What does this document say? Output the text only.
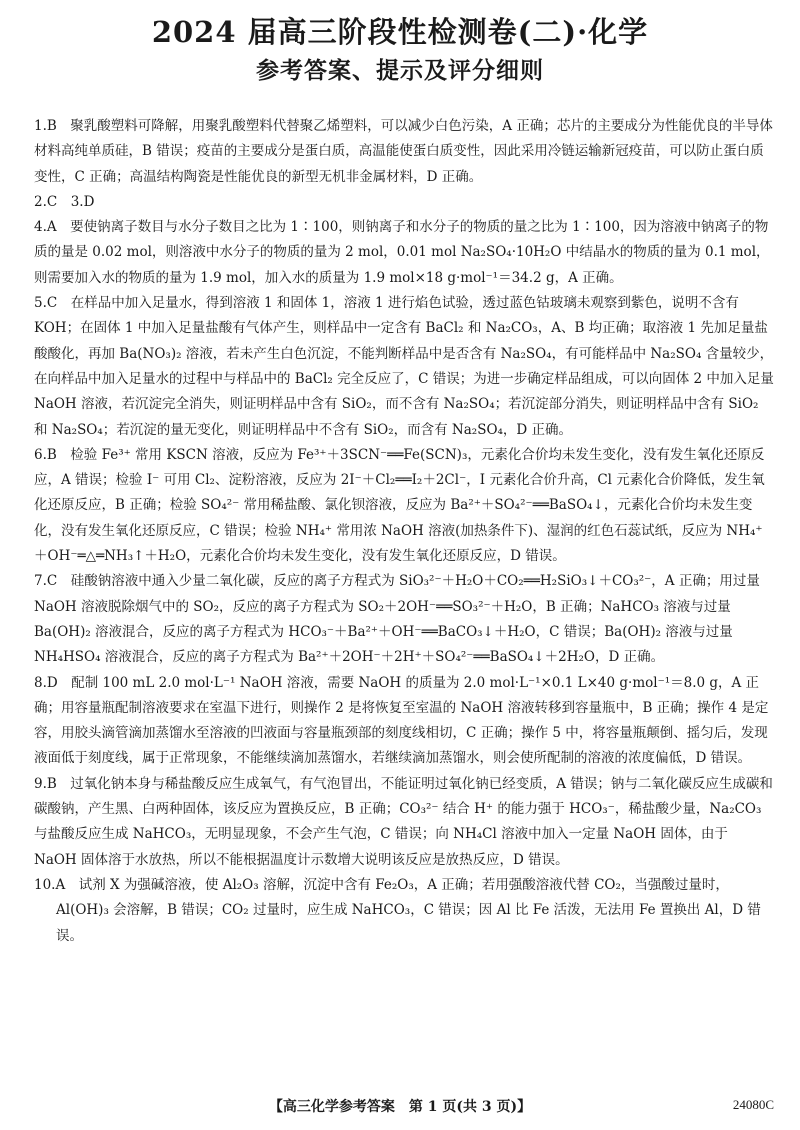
2024 届高三阶段性检测卷(二)·化学
参考答案、提示及评分细则

1.B　聚乳酸塑料可降解，用聚乳酸塑料代替聚乙烯塑料，可以减少白色污染，A 正确；芯片的主要成分为性能优良的半导体材料高纯单质硅，B 错误；疫苗的主要成分是蛋白质，高温能使蛋白质变性，因此采用冷链运输新冠疫苗，可以防止蛋白质变性，C 正确；高温结构陶瓷是性能优良的新型无机非金属材料，D 正确。

2.C　3.D

4.A　要使钠离子数目与水分子数目之比为 1∶100，则钠离子和水分子的物质的量之比为 1∶100，因为溶液中钠离子的物质的量是 0.02 mol，则溶液中水分子的物质的量为 2 mol，0.01 mol Na₂SO₄·10H₂O 中结晶水的物质的量为 0.1 mol，则需要加入水的物质的量为 1.9 mol，加入水的质量为 1.9 mol×18 g·mol⁻¹＝34.2 g，A 正确。

5.C　在样品中加入足量水，得到溶液 1 和固体 1，溶液 1 进行焰色试验，透过蓝色钴玻璃未观察到紫色，说明不含有 KOH；在固体 1 中加入足量盐酸有气体产生，则样品中一定含有 BaCl₂ 和 Na₂CO₃，A、B 均正确；取溶液 1 先加足量盐酸酸化，再加 Ba(NO₃)₂ 溶液，若未产生白色沉淀，不能判断样品中是否含有 Na₂SO₄，有可能样品中 Na₂SO₄ 含量较少，在向样品中加入足量水的过程中与样品中的 BaCl₂ 完全反应了，C 错误；为进一步确定样品组成，可以向固体 2 中加入足量 NaOH 溶液，若沉淀完全消失，则证明样品中含有 SiO₂，而不含有 Na₂SO₄；若沉淀部分消失，则证明样品中含有 SiO₂ 和 Na₂SO₄；若沉淀的量无变化，则证明样品中不含有 SiO₂，而含有 Na₂SO₄，D 正确。

6.B　检验 Fe³⁺ 常用 KSCN 溶液，反应为 Fe³⁺＋3SCN⁻══Fe(SCN)₃，元素化合价均未发生变化，没有发生氧化还原反应，A 错误；检验 I⁻ 可用 Cl₂、淀粉溶液，反应为 2I⁻＋Cl₂══I₂＋2Cl⁻，I 元素化合价升高，Cl 元素化合价降低，发生氧化还原反应，B 正确；检验 SO₄²⁻ 常用稀盐酸、氯化钡溶液，反应为 Ba²⁺＋SO₄²⁻══BaSO₄↓，元素化合价均未发生变化，没有发生氧化还原反应，C 错误；检验 NH₄⁺ 常用浓 NaOH 溶液(加热条件下)、湿润的红色石蕊试纸，反应为 NH₄⁺＋OH⁻═△═NH₃↑＋H₂O，元素化合价均未发生变化，没有发生氧化还原反应，D 错误。

7.C　硅酸钠溶液中通入少量二氧化碳，反应的离子方程式为 SiO₃²⁻＋H₂O＋CO₂══H₂SiO₃↓＋CO₃²⁻，A 正确；用过量 NaOH 溶液脱除烟气中的 SO₂，反应的离子方程式为 SO₂＋2OH⁻══SO₃²⁻＋H₂O，B 正确；NaHCO₃ 溶液与过量 Ba(OH)₂ 溶液混合，反应的离子方程式为 HCO₃⁻＋Ba²⁺＋OH⁻══BaCO₃↓＋H₂O，C 错误；Ba(OH)₂ 溶液与过量 NH₄HSO₄ 溶液混合，反应的离子方程式为 Ba²⁺＋2OH⁻＋2H⁺＋SO₄²⁻══BaSO₄↓＋2H₂O，D 正确。

8.D　配制 100 mL 2.0 mol·L⁻¹ NaOH 溶液，需要 NaOH 的质量为 2.0 mol·L⁻¹×0.1 L×40 g·mol⁻¹＝8.0 g，A 正确；用容量瓶配制溶液要求在室温下进行，则操作 2 是将恢复至室温的 NaOH 溶液转移到容量瓶中，B 正确；操作 4 是定容，用胶头滴管滴加蒸馏水至溶液的凹液面与容量瓶颈部的刻度线相切，C 正确；操作 5 中，将容量瓶颠倒、摇匀后，发现液面低于刻度线，属于正常现象，不能继续滴加蒸馏水，若继续滴加蒸馏水，则会使所配制的溶液的浓度偏低，D 错误。

9.B　过氧化钠本身与稀盐酸反应生成氧气，有气泡冒出，不能证明过氧化钠已经变质，A 错误；钠与二氧化碳反应生成碳和碳酸钠，产生黑、白两种固体，该反应为置换反应，B 正确；CO₃²⁻ 结合 H⁺ 的能力强于 HCO₃⁻，稀盐酸少量，Na₂CO₃ 与盐酸反应生成 NaHCO₃，无明显现象，不会产生气泡，C 错误；向 NH₄Cl 溶液中加入一定量 NaOH 固体，由于 NaOH 固体溶于水放热，所以不能根据温度计示数增大说明该反应是放热反应，D 错误。

10.A　试剂 X 为强碱溶液，使 Al₂O₃ 溶解，沉淀中含有 Fe₂O₃，A 正确；若用强酸溶液代替 CO₂，当强酸过量时，Al(OH)₃ 会溶解，B 错误；CO₂ 过量时，应生成 NaHCO₃，C 错误；因 Al 比 Fe 活泼，无法用 Fe 置换出 Al，D 错误。

【高三化学参考答案　第 1 页(共 3 页)】	24080C
